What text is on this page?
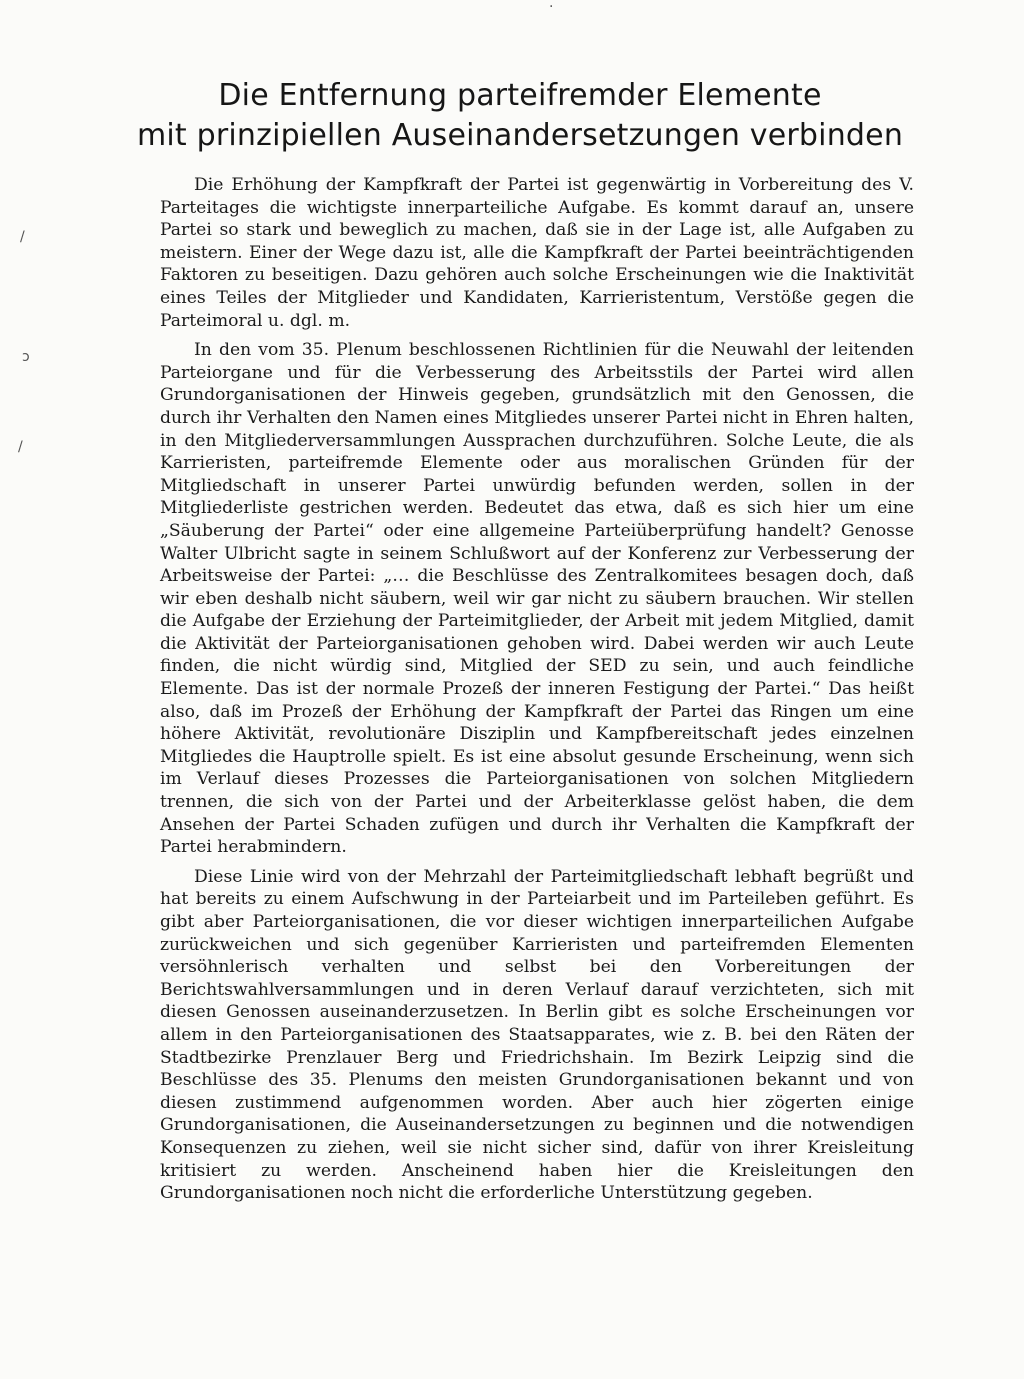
/
ↄ
/
·
Die Entfernung parteifremder Elemente
mit prinzipiellen Auseinandersetzungen verbinden

Die Erhöhung der Kampfkraft der Partei ist gegenwärtig in Vorbereitung des V. Parteitages die wichtigste innerparteiliche Aufgabe. Es kommt darauf an, unsere Partei so stark und beweglich zu machen, daß sie in der Lage ist, alle Aufgaben zu meistern. Einer der Wege dazu ist, alle die Kampfkraft der Partei beeinträchtigenden Faktoren zu beseitigen. Dazu gehören auch solche Erscheinungen wie die Inaktivität eines Teiles der Mitglieder und Kandidaten, Karrieristentum, Verstöße gegen die Parteimoral u. dgl. m.

In den vom 35. Plenum beschlossenen Richtlinien für die Neuwahl der leitenden Parteiorgane und für die Verbesserung des Arbeitsstils der Partei wird allen Grundorganisationen der Hinweis gegeben, grundsätzlich mit den Genossen, die durch ihr Verhalten den Namen eines Mitgliedes unserer Partei nicht in Ehren halten, in den Mitgliederversammlungen Aussprachen durchzuführen. Solche Leute, die als Karrieristen, parteifremde Elemente oder aus moralischen Gründen für der Mitgliedschaft in unserer Partei unwürdig befunden werden, sollen in der Mitgliederliste gestrichen werden. Bedeutet das etwa, daß es sich hier um eine „Säuberung der Partei“ oder eine allgemeine Parteiüberprüfung handelt? Genosse Walter Ulbricht sagte in seinem Schlußwort auf der Konferenz zur Verbesserung der Arbeitsweise der Partei: „… die Beschlüsse des Zentralkomitees besagen doch, daß wir eben deshalb nicht säubern, weil wir gar nicht zu säubern brauchen. Wir stellen die Aufgabe der Erziehung der Parteimitglieder, der Arbeit mit jedem Mitglied, damit die Aktivität der Parteiorganisationen gehoben wird. Dabei werden wir auch Leute finden, die nicht würdig sind, Mitglied der SED zu sein, und auch feindliche Elemente. Das ist der normale Prozeß der inneren Festigung der Partei.“ Das heißt also, daß im Prozeß der Erhöhung der Kampfkraft der Partei das Ringen um eine höhere Aktivität, revolutionäre Disziplin und Kampfbereitschaft jedes einzelnen Mitgliedes die Hauptrolle spielt. Es ist eine absolut gesunde Erscheinung, wenn sich im Verlauf dieses Prozesses die Parteiorganisationen von solchen Mitgliedern trennen, die sich von der Partei und der Arbeiterklasse gelöst haben, die dem Ansehen der Partei Schaden zufügen und durch ihr Verhalten die Kampfkraft der Partei herabmindern.

Diese Linie wird von der Mehrzahl der Parteimitgliedschaft lebhaft begrüßt und hat bereits zu einem Aufschwung in der Parteiarbeit und im Parteileben geführt. Es gibt aber Parteiorganisationen, die vor dieser wichtigen innerparteilichen Aufgabe zurückweichen und sich gegenüber Karrieristen und parteifremden Elementen versöhnlerisch verhalten und selbst bei den Vorbereitungen der Berichtswahlversammlungen und in deren Verlauf darauf verzichteten, sich mit diesen Genossen auseinanderzusetzen. In Berlin gibt es solche Erscheinungen vor allem in den Parteiorganisationen des Staatsapparates, wie z. B. bei den Räten der Stadtbezirke Prenzlauer Berg und Friedrichshain. Im Bezirk Leipzig sind die Beschlüsse des 35. Plenums den meisten Grundorganisationen bekannt und von diesen zustimmend aufgenommen worden. Aber auch hier zögerten einige Grundorganisationen, die Auseinandersetzungen zu beginnen und die notwendigen Konsequenzen zu ziehen, weil sie nicht sicher sind, dafür von ihrer Kreisleitung kritisiert zu werden. Anscheinend haben hier die Kreisleitungen den Grundorganisationen noch nicht die erforderliche Unterstützung gegeben.
